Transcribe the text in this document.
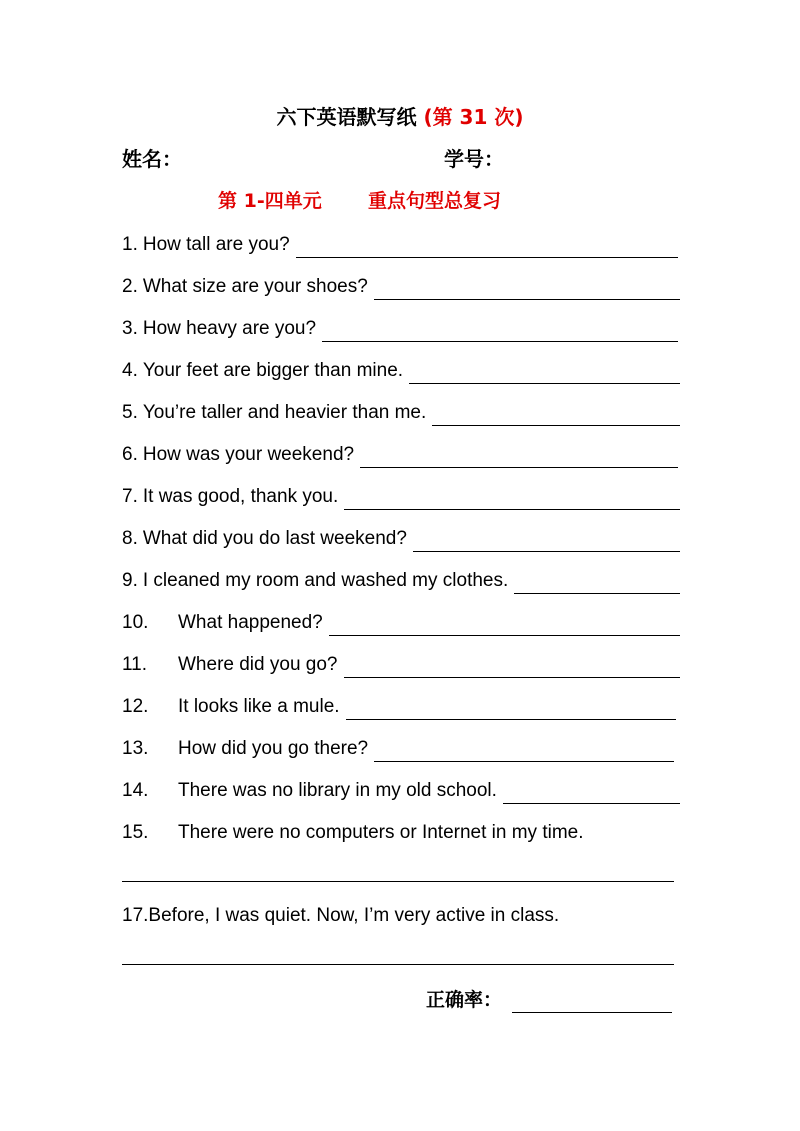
六下英语默写纸 (第 31 次)
姓名：	学号：
第 1-四单元       重点句型总复习
1. How tall are you?
2. What size are your shoes?
3. How heavy are you?
4. Your feet are bigger than mine.
5. You’re taller and heavier than me.
6. How was your weekend?
7. It was good, thank you.
8. What did you do last weekend?
9. I cleaned my room and washed my clothes.
10.	What happened?
11.	Where did you go?
12.	It looks like a mule.
13.	How did you go there?
14.	There was no library in my old school.
15.	There were no computers or Internet in my time.
17. Before, I was quiet. Now, I’m very active in class.
正确率：
